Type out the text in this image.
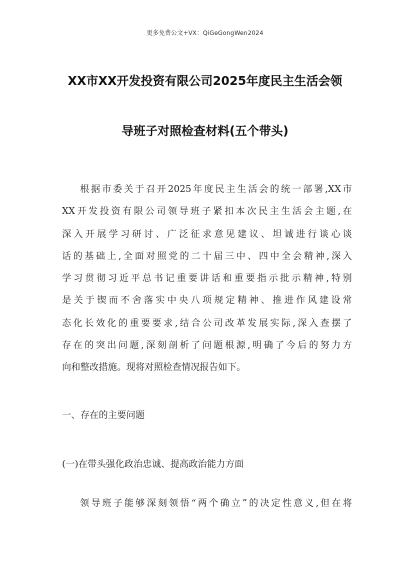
更多免费公文+VX：QiGeGongWen2024
XX市XX开发投资有限公司2025年度民主生活会领
导班子对照检查材料(五个带头)
根据市委关于召开2025年度民主生活会的统一部署,XX市
XX开发投资有限公司领导班子紧扣本次民主生活会主题,在
深入开展学习研讨、广泛征求意见建议、坦诚进行谈心谈
话的基础上,全面对照党的二十届三中、四中全会精神,深入
学习贯彻习近平总书记重要讲话和重要指示批示精神,特别
是关于锲而不舍落实中央八项规定精神、推进作风建设常
态化长效化的重要要求,结合公司改革发展实际,深入查摆了
存在的突出问题,深刻剖析了问题根源,明确了今后的努力方
向和整改措施。现将对照检查情况报告如下。
一、存在的主要问题
(一)在带头强化政治忠诚、提高政治能力方面
领导班子能够深刻领悟“两个确立”的决定性意义,但在将
